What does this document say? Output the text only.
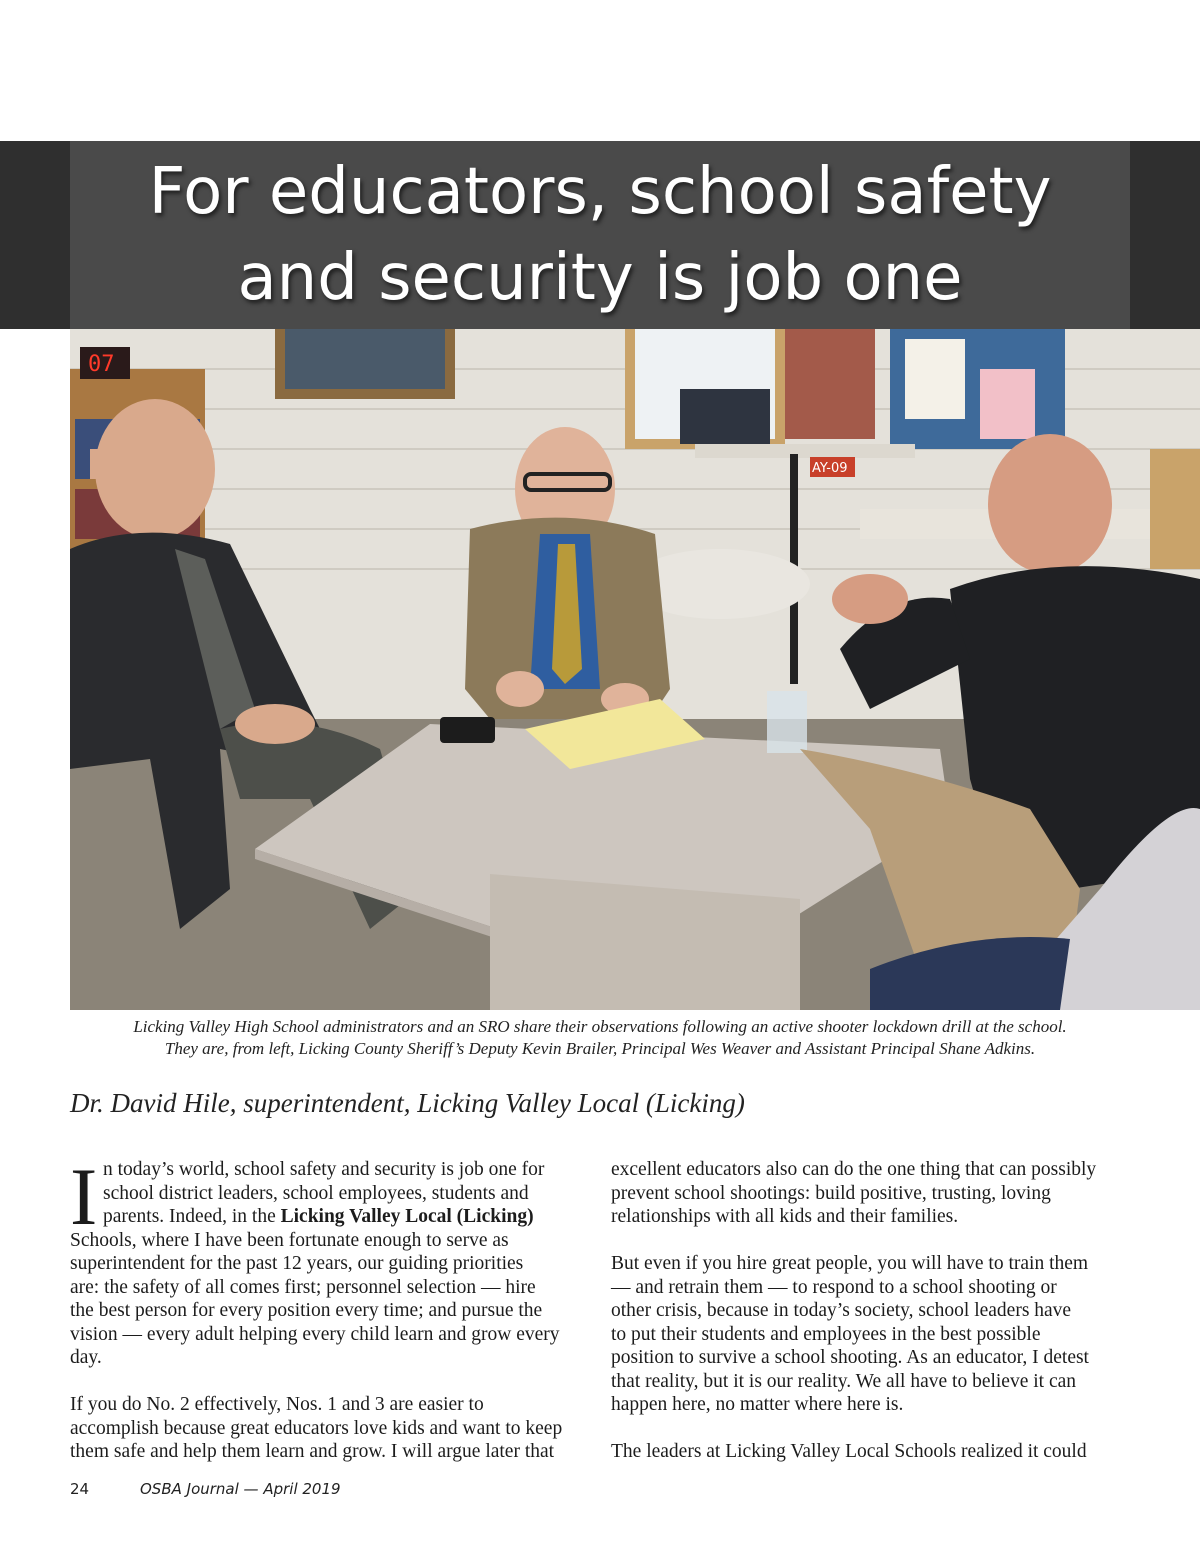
For educators, school safety
and security is job one
07
AY-09
Licking Valley High School administrators and an SRO share their observations following an active shooter lockdown drill at the school.
They are, from left, Licking County Sheriff’s Deputy Kevin Brailer, Principal Wes Weaver and Assistant Principal Shane Adkins.
Dr. David Hile, superintendent, Licking Valley Local (Licking)
I n today’s world, school safety and security is job one for
school district leaders, school employees, students and
parents. Indeed, in the Licking Valley Local (Licking)
Schools, where I have been fortunate enough to serve as
superintendent for the past 12 years, our guiding priorities
are: the safety of all comes first; personnel selection — hire
the best person for every position every time; and pursue the
vision — every adult helping every child learn and grow every
day.
If you do No. 2 effectively, Nos. 1 and 3 are easier to
accomplish because great educators love kids and want to keep
them safe and help them learn and grow. I will argue later that
excellent educators also can do the one thing that can possibly
prevent school shootings: build positive, trusting, loving
relationships with all kids and their families.
But even if you hire great people, you will have to train them
— and retrain them — to respond to a school shooting or
other crisis, because in today’s society, school leaders have
to put their students and employees in the best possible
position to survive a school shooting. As an educator, I detest
that reality, but it is our reality. We all have to believe it can
happen here, no matter where here is.
The leaders at Licking Valley Local Schools realized it could
24	OSBA Journal — April 2019
